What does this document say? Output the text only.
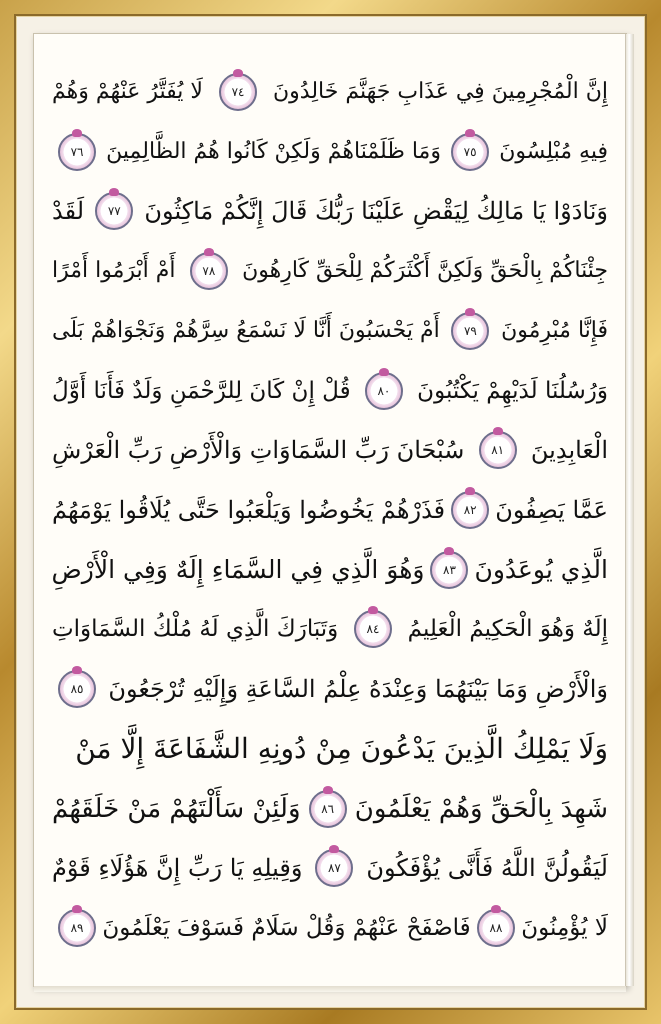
إِنَّ الْمُجْرِمِينَ فِي عَذَابِ جَهَنَّمَ خَالِدُونَ
٧٤
لَا يُفَتَّرُ عَنْهُمْ وَهُمْ
فِيهِ مُبْلِسُونَ
٧٥
وَمَا ظَلَمْنَاهُمْ وَلَكِنْ كَانُوا هُمُ الظَّالِمِينَ
٧٦
وَنَادَوْا يَا مَالِكُ لِيَقْضِ عَلَيْنَا رَبُّكَ قَالَ إِنَّكُمْ مَاكِثُونَ
٧٧
لَقَدْ
جِئْنَاكُمْ بِالْحَقِّ وَلَكِنَّ أَكْثَرَكُمْ لِلْحَقِّ كَارِهُونَ
٧٨
أَمْ أَبْرَمُوا أَمْرًا
فَإِنَّا مُبْرِمُونَ
٧٩
أَمْ يَحْسَبُونَ أَنَّا لَا نَسْمَعُ سِرَّهُمْ وَنَجْوَاهُمْ بَلَى
وَرُسُلُنَا لَدَيْهِمْ يَكْتُبُونَ
٨٠
قُلْ إِنْ كَانَ لِلرَّحْمَنِ وَلَدٌ فَأَنَا أَوَّلُ
الْعَابِدِينَ
٨١
سُبْحَانَ رَبِّ السَّمَاوَاتِ وَالْأَرْضِ رَبِّ الْعَرْشِ
عَمَّا يَصِفُونَ
٨٢
فَذَرْهُمْ يَخُوضُوا وَيَلْعَبُوا حَتَّى يُلَاقُوا يَوْمَهُمُ
الَّذِي يُوعَدُونَ
٨٣
وَهُوَ الَّذِي فِي السَّمَاءِ إِلَهٌ وَفِي الْأَرْضِ
إِلَهٌ وَهُوَ الْحَكِيمُ الْعَلِيمُ
٨٤
وَتَبَارَكَ الَّذِي لَهُ مُلْكُ السَّمَاوَاتِ
وَالْأَرْضِ وَمَا بَيْنَهُمَا وَعِنْدَهُ عِلْمُ السَّاعَةِ وَإِلَيْهِ تُرْجَعُونَ
٨٥
وَلَا يَمْلِكُ الَّذِينَ يَدْعُونَ مِنْ دُونِهِ الشَّفَاعَةَ إِلَّا مَنْ
شَهِدَ بِالْحَقِّ وَهُمْ يَعْلَمُونَ
٨٦
وَلَئِنْ سَأَلْتَهُمْ مَنْ خَلَقَهُمْ
لَيَقُولُنَّ اللَّهُ فَأَنَّى يُؤْفَكُونَ
٨٧
وَقِيلِهِ يَا رَبِّ إِنَّ هَؤُلَاءِ قَوْمٌ
لَا يُؤْمِنُونَ
٨٨
فَاصْفَحْ عَنْهُمْ وَقُلْ سَلَامٌ فَسَوْفَ يَعْلَمُونَ
٨٩
